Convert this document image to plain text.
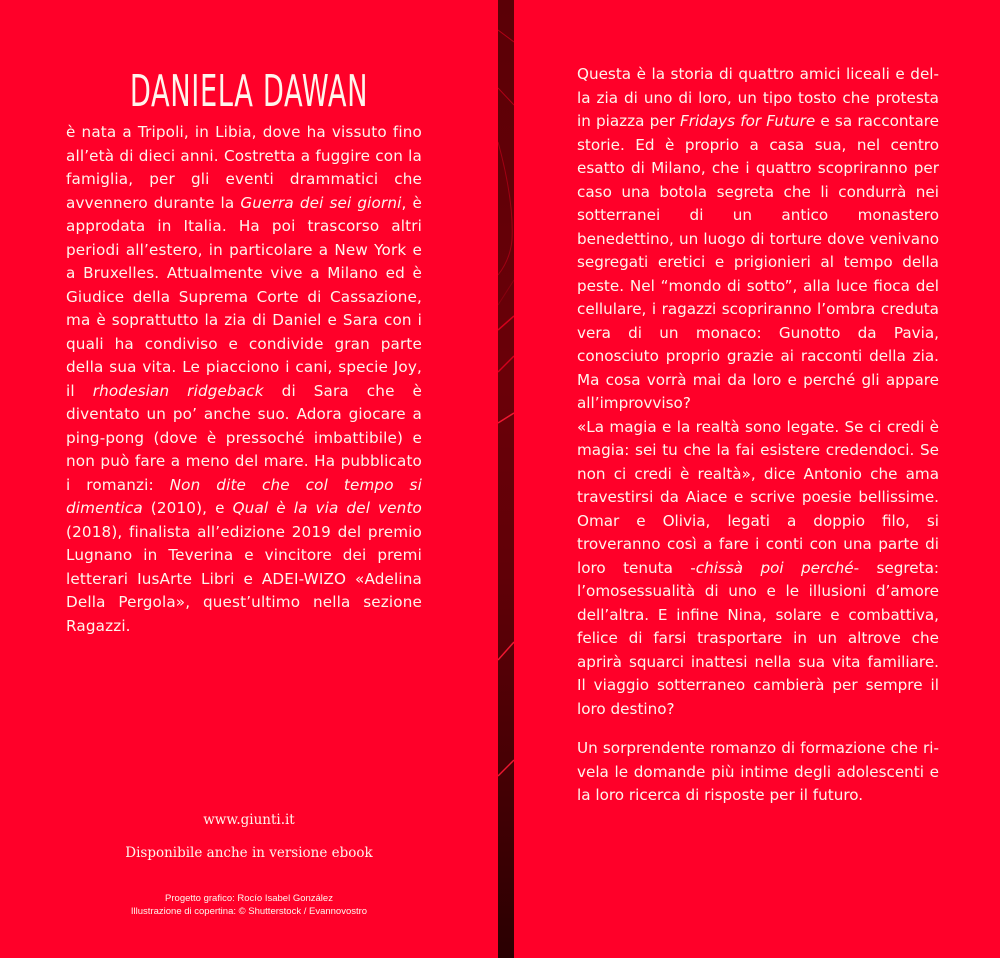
DANIELA DAWAN
è nata a Tripoli, in Libia, dove ha vissuto fino all’età di dieci anni. Costretta a fuggire con la famiglia, per gli eventi drammatici che avvennero durante la Guerra dei sei giorni, è approdata in Italia. Ha poi trascorso altri periodi all’estero, in particolare a New York e a Bruxelles. Attualmente vive a Milano ed è Giudice della Suprema Corte di Cassazione, ma è soprattutto la zia di Daniel e Sara con i quali ha condiviso e condivide gran parte della sua vita. Le piacciono i cani, specie Joy, il rhodesian ridgeback di Sara che è diventato un po’ anche suo. Adora giocare a ping-pong (dove è pressoché imbattibile) e non può fare a meno del mare. Ha pubblicato i romanzi: Non dite che col tempo si dimentica (2010), e Qual è la via del vento (2018), finalista all’edizione 2019 del premio Lugnano in Teverina e vincitore dei premi letterari IusArte Libri e ADEI-WIZO «Adelina Della Pergola», quest’ultimo nella sezione Ragazzi.
www.giunti.it
Disponibile anche in versione ebook
Progetto grafico: Rocío Isabel González
Illustrazione di copertina: © Shutterstock / Evannovostro

Questa è la storia di quattro amici liceali e della zia di uno di loro, un tipo tosto che protesta in piazza per Fridays for Future e sa raccontare storie. Ed è proprio a casa sua, nel centro esatto di Milano, che i quattro scopriranno per caso una botola segreta che li condurrà nei sotterranei di un antico monastero benedettino, un luogo di torture dove venivano segregati eretici e prigionieri al tempo della peste. Nel “mondo di sotto”, alla luce fioca del cellulare, i ragazzi scopriranno l’ombra creduta vera di un monaco: Gunotto da Pavia, conosciuto proprio grazie ai racconti della zia. Ma cosa vorrà mai da loro e perché gli appare all’improvviso?

«La magia e la realtà sono legate. Se ci credi è magia: sei tu che la fai esistere credendoci. Se non ci credi è realtà», dice Antonio che ama travestirsi da Aiace e scrive poesie bellissime. Omar e Olivia, legati a doppio filo, si troveranno così a fare i conti con una parte di loro tenuta -chissà poi perché- segreta: l’omosessualità di uno e le illusioni d’amore dell’altra. E infine Nina, solare e combattiva, felice di farsi trasportare in un altrove che aprirà squarci inattesi nella sua vita familiare. Il viaggio sotterraneo cambierà per sempre il loro destino?

Un sorprendente romanzo di formazione che rivela le domande più intime degli adolescenti e la loro ricerca di risposte per il futuro.
